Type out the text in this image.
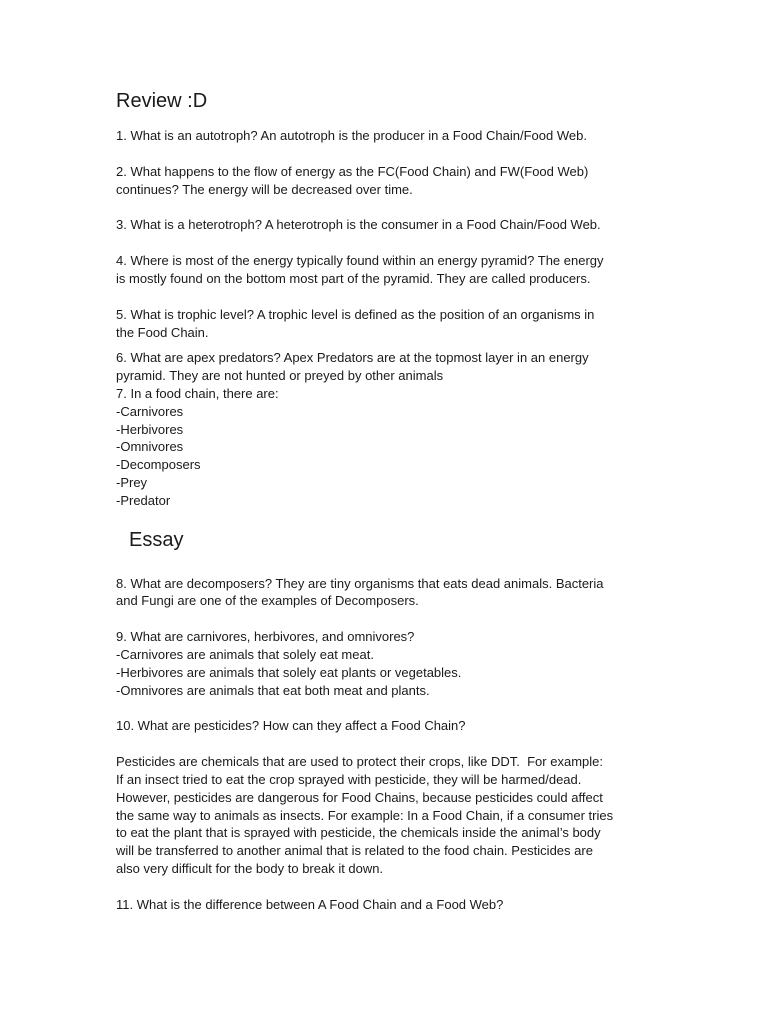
Review :D

1. What is an autotroph? An autotroph is the producer in a Food Chain/Food Web.

2. What happens to the flow of energy as the FC(Food Chain) and FW(Food Web)

continues? The energy will be decreased over time.

3. What is a heterotroph? A heterotroph is the consumer in a Food Chain/Food Web.

4. Where is most of the energy typically found within an energy pyramid? The energy

is mostly found on the bottom most part of the pyramid. They are called producers.

5. What is trophic level? A trophic level is defined as the position of an organisms in

the Food Chain.

6. What are apex predators? Apex Predators are at the topmost layer in an energy

pyramid. They are not hunted or preyed by other animals

7. In a food chain, there are:

-Carnivores

-Herbivores

-Omnivores

-Decomposers

-Prey

-Predator

Essay

8. What are decomposers? They are tiny organisms that eats dead animals. Bacteria

and Fungi are one of the examples of Decomposers.

9. What are carnivores, herbivores, and omnivores?

-Carnivores are animals that solely eat meat.

-Herbivores are animals that solely eat plants or vegetables.

-Omnivores are animals that eat both meat and plants.

10. What are pesticides? How can they affect a Food Chain?

Pesticides are chemicals that are used to protect their crops, like DDT.  For example:

If an insect tried to eat the crop sprayed with pesticide, they will be harmed/dead.

However, pesticides are dangerous for Food Chains, because pesticides could affect

the same way to animals as insects. For example: In a Food Chain, if a consumer tries

to eat the plant that is sprayed with pesticide, the chemicals inside the animal’s body

will be transferred to another animal that is related to the food chain. Pesticides are

also very difficult for the body to break it down.

11. What is the difference between A Food Chain and a Food Web?
